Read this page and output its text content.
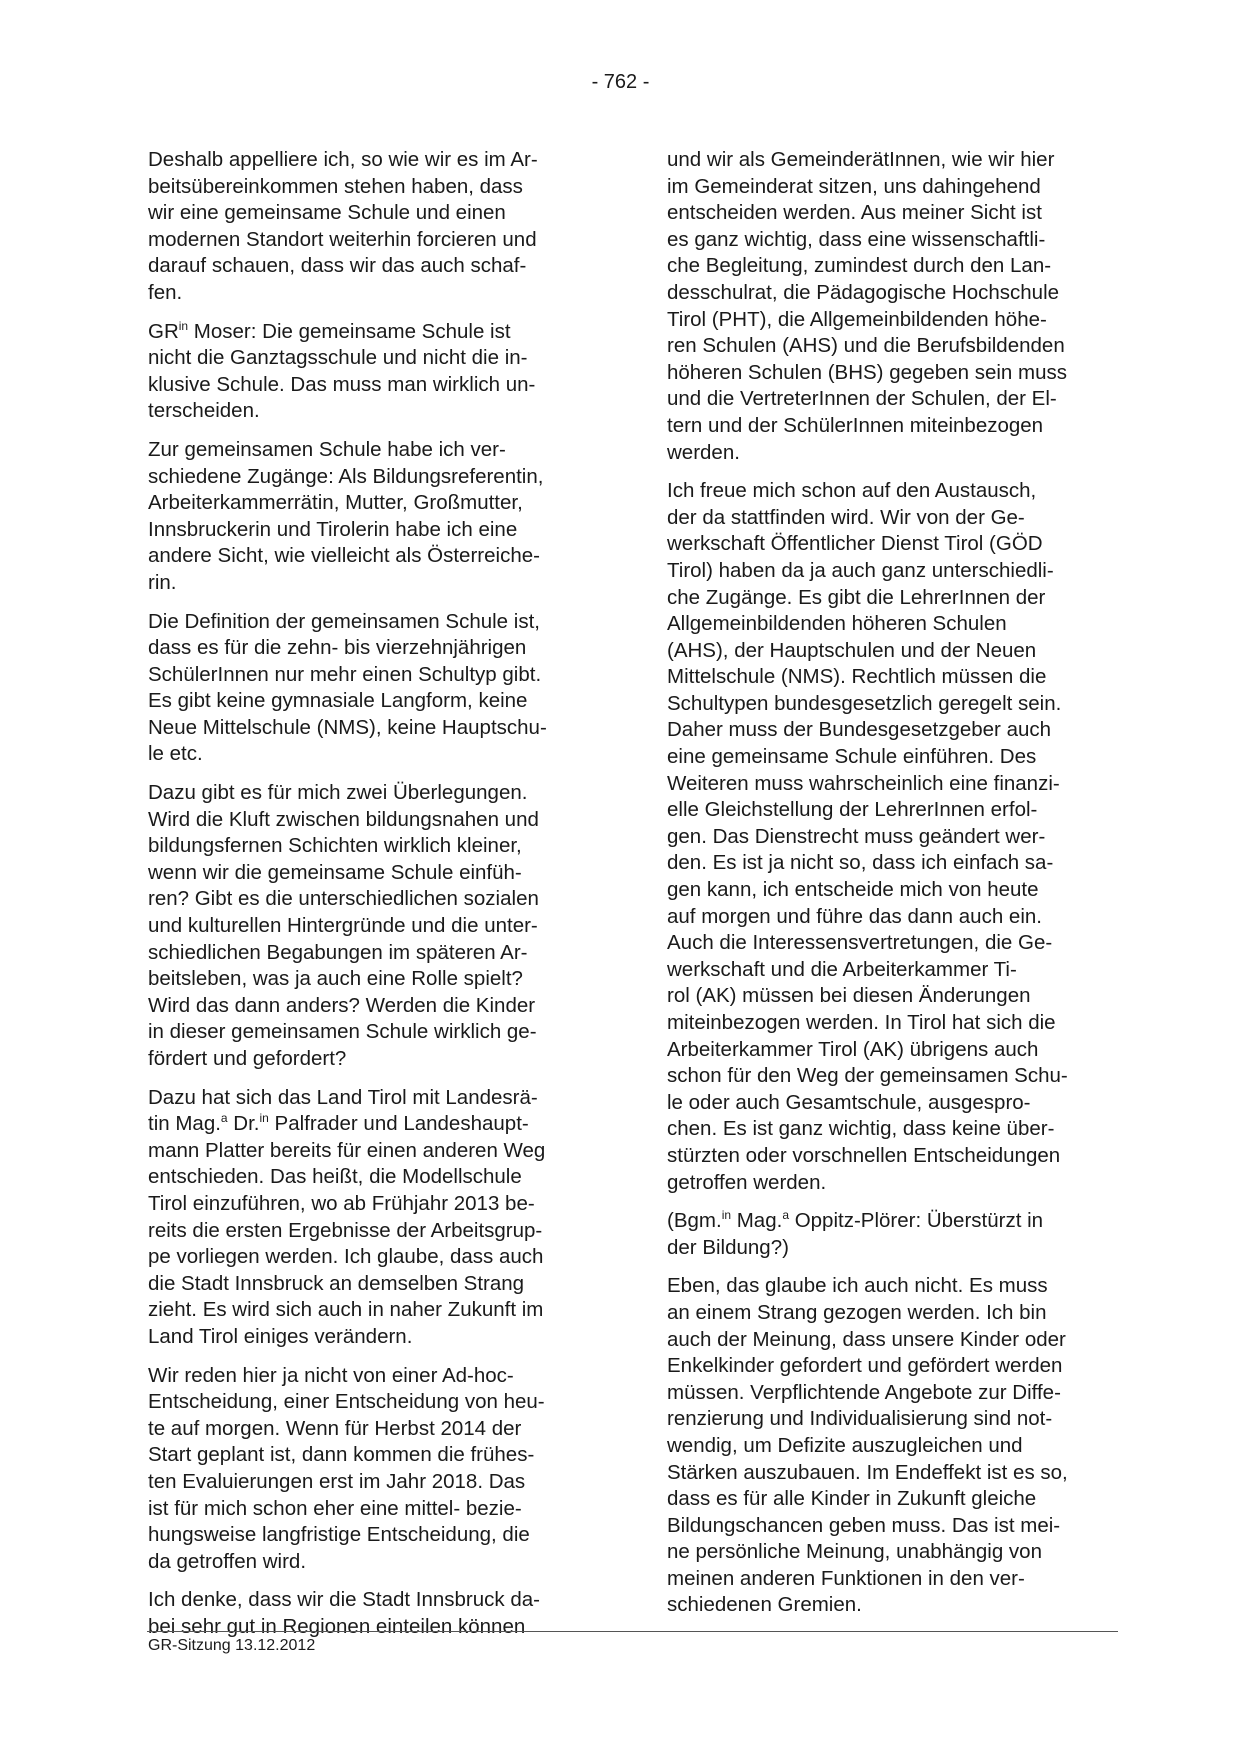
- 762 -

Deshalb appelliere ich, so wie wir es im Ar-
beitsübereinkommen stehen haben, dass
wir eine gemeinsame Schule und einen
modernen Standort weiterhin forcieren und
darauf schauen, dass wir das auch schaf-
fen.

$GR^{in}$ Moser: Die gemeinsame Schule ist
nicht die Ganztagsschule und nicht die in-
klusive Schule. Das muss man wirklich un-
terscheiden.

Zur gemeinsamen Schule habe ich ver-
schiedene Zugänge: Als Bildungsreferentin,
Arbeiterkammerrätin, Mutter, Großmutter,
Innsbruckerin und Tirolerin habe ich eine
andere Sicht, wie vielleicht als Österreiche-
rin.

Die Definition der gemeinsamen Schule ist,
dass es für die zehn- bis vierzehnjährigen
SchülerInnen nur mehr einen Schultyp gibt.
Es gibt keine gymnasiale Langform, keine
Neue Mittelschule (NMS), keine Hauptschu-
le etc.

Dazu gibt es für mich zwei Überlegungen.
Wird die Kluft zwischen bildungsnahen und
bildungsfernen Schichten wirklich kleiner,
wenn wir die gemeinsame Schule einfüh-
ren? Gibt es die unterschiedlichen sozialen
und kulturellen Hintergründe und die unter-
schiedlichen Begabungen im späteren Ar-
beitsleben, was ja auch eine Rolle spielt?
Wird das dann anders? Werden die Kinder
in dieser gemeinsamen Schule wirklich ge-
fördert und gefordert?

Dazu hat sich das Land Tirol mit Landesrä-
tin Mag.$^a$ Dr.$^{in}$ Palfrader und Landeshaupt-
mann Platter bereits für einen anderen Weg
entschieden. Das heißt, die Modellschule
Tirol einzuführen, wo ab Frühjahr 2013 be-
reits die ersten Ergebnisse der Arbeitsgrup-
pe vorliegen werden. Ich glaube, dass auch
die Stadt Innsbruck an demselben Strang
zieht. Es wird sich auch in naher Zukunft im
Land Tirol einiges verändern.

Wir reden hier ja nicht von einer Ad-hoc-
Entscheidung, einer Entscheidung von heu-
te auf morgen. Wenn für Herbst 2014 der
Start geplant ist, dann kommen die frühes-
ten Evaluierungen erst im Jahr 2018. Das
ist für mich schon eher eine mittel- bezie-
hungsweise langfristige Entscheidung, die
da getroffen wird.

Ich denke, dass wir die Stadt Innsbruck da-
bei sehr gut in Regionen einteilen können

und wir als GemeinderätInnen, wie wir hier
im Gemeinderat sitzen, uns dahingehend
entscheiden werden. Aus meiner Sicht ist
es ganz wichtig, dass eine wissenschaftli-
che Begleitung, zumindest durch den Lan-
desschulrat, die Pädagogische Hochschule
Tirol (PHT), die Allgemeinbildenden höhe-
ren Schulen (AHS) und die Berufsbildenden
höheren Schulen (BHS) gegeben sein muss
und die VertreterInnen der Schulen, der El-
tern und der SchülerInnen miteinbezogen
werden.

Ich freue mich schon auf den Austausch,
der da stattfinden wird. Wir von der Ge-
werkschaft Öffentlicher Dienst Tirol (GÖD
Tirol) haben da ja auch ganz unterschiedli-
che Zugänge. Es gibt die LehrerInnen der
Allgemeinbildenden höheren Schulen
(AHS), der Hauptschulen und der Neuen
Mittelschule (NMS). Rechtlich müssen die
Schultypen bundesgesetzlich geregelt sein.
Daher muss der Bundesgesetzgeber auch
eine gemeinsame Schule einführen. Des
Weiteren muss wahrscheinlich eine finanzi-
elle Gleichstellung der LehrerInnen erfol-
gen. Das Dienstrecht muss geändert wer-
den. Es ist ja nicht so, dass ich einfach sa-
gen kann, ich entscheide mich von heute
auf morgen und führe das dann auch ein.
Auch die Interessensvertretungen, die Ge-
werkschaft und die Arbeiterkammer Ti-
rol (AK) müssen bei diesen Änderungen
miteinbezogen werden. In Tirol hat sich die
Arbeiterkammer Tirol (AK) übrigens auch
schon für den Weg der gemeinsamen Schu-
le oder auch Gesamtschule, ausgespro-
chen. Es ist ganz wichtig, dass keine über-
stürzten oder vorschnellen Entscheidungen
getroffen werden.

(Bgm.$^{in}$ Mag.$^a$ Oppitz-Plörer: Überstürzt in
der Bildung?)

Eben, das glaube ich auch nicht. Es muss
an einem Strang gezogen werden. Ich bin
auch der Meinung, dass unsere Kinder oder
Enkelkinder gefordert und gefördert werden
müssen. Verpflichtende Angebote zur Diffe-
renzierung und Individualisierung sind not-
wendig, um Defizite auszugleichen und
Stärken auszubauen. Im Endeffekt ist es so,
dass es für alle Kinder in Zukunft gleiche
Bildungschancen geben muss. Das ist mei-
ne persönliche Meinung, unabhängig von
meinen anderen Funktionen in den ver-
schiedenen Gremien.

GR-Sitzung 13.12.2012
